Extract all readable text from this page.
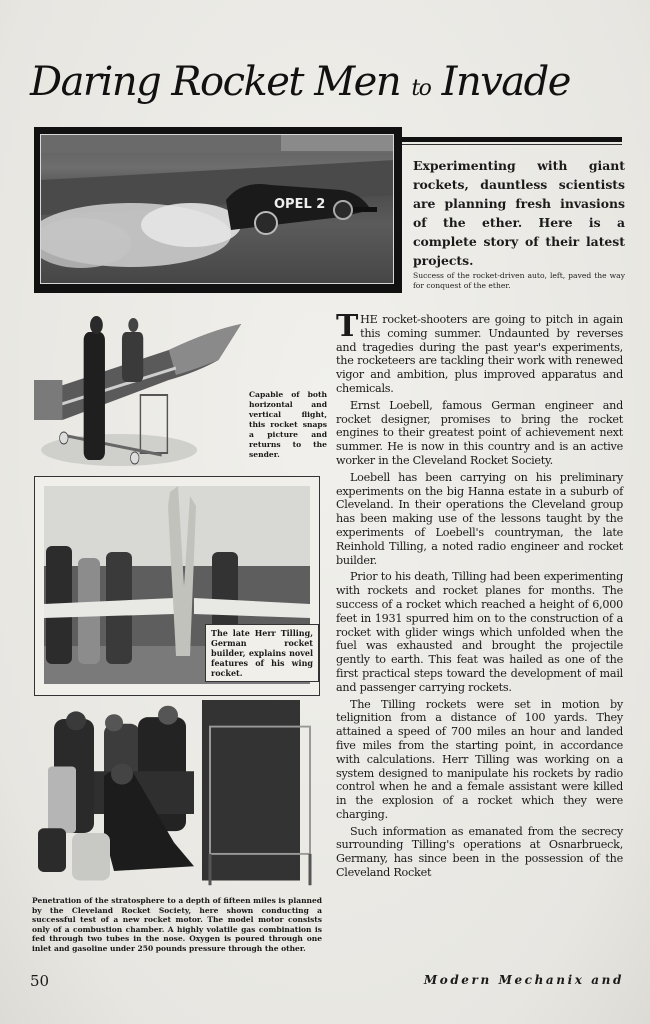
Daring Rocket Men to Invade
OPEL 2
Experimenting with giant rockets, dauntless scientists are planning fresh invasions of the ether. Here is a complete story of their latest projects.
Success of the rocket-driven auto, left, paved the way for conquest of the ether.
Capable of both horizontal and vertical flight, this rocket snaps a picture and returns to the sender.
The late Herr Tilling, German rocket builder, explains novel features of his wing rocket.
Penetration of the stratosphere to a depth of fifteen miles is planned by the Cleveland Rocket Society, here shown conducting a successful test of a new rocket motor. The model motor consists only of a combustion chamber. A highly volatile gas combination is fed through two tubes in the nose. Oxygen is poured through one inlet and gasoline under 250 pounds pressure through the other.

THE rocket-shooters are going to pitch in again this coming summer. Undaunted by reverses and tragedies during the past year's experiments, the rocketeers are tackling their work with renewed vigor and ambition, plus improved apparatus and chemicals.

Ernst Loebell, famous German engineer and rocket designer, promises to bring the rocket engines to their greatest point of achievement next summer. He is now in this country and is an active worker in the Cleveland Rocket Society.

Loebell has been carrying on his preliminary experiments on the big Hanna estate in a suburb of Cleveland. In their operations the Cleveland group has been making use of the lessons taught by the experiments of Loebell's countryman, the late Reinhold Tilling, a noted radio engineer and rocket builder.

Prior to his death, Tilling had been experimenting with rockets and rocket planes for months. The success of a rocket which reached a height of 6,000 feet in 1931 spurred him on to the construction of a rocket with glider wings which unfolded when the fuel was exhausted and brought the projectile gently to earth. This feat was hailed as one of the first practical steps toward the development of mail and passenger carrying rockets.

The Tilling rockets were set in motion by telignition from a distance of 100 yards. They attained a speed of 700 miles an hour and landed five miles from the starting point, in accordance with calculations. Herr Tilling was working on a system designed to manipulate his rockets by radio control when he and a female assistant were killed in the explosion of a rocket which they were charging.

Such information as emanated from the secrecy surrounding Tilling's operations at Osnarbrueck, Germany, has since been in the possession of the Cleveland Rocket

50	Modern Mechanix and
